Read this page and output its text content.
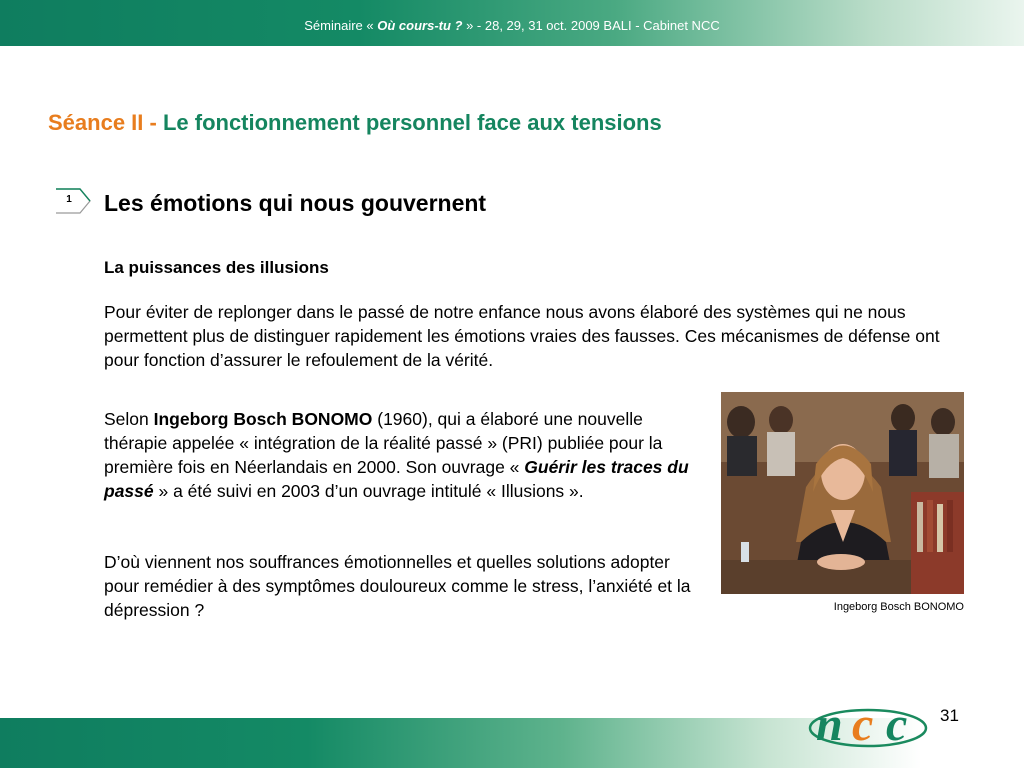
Séminaire « Où cours-tu ? » - 28, 29, 31 oct. 2009 BALI - Cabinet NCC
Séance II - Le fonctionnement personnel face aux tensions
1	Les émotions qui nous gouvernent
La puissances des illusions
Pour éviter de replonger dans le passé de notre enfance nous avons élaboré des systèmes qui ne nous permettent plus de distinguer rapidement les émotions vraies des fausses. Ces mécanismes de défense ont pour fonction d’assurer le refoulement de la vérité.
Selon Ingeborg Bosch BONOMO (1960), qui a élaboré une nouvelle thérapie appelée « intégration de la réalité passé » (PRI) publiée pour la première fois en Néerlandais en 2000. Son ouvrage « Guérir les traces du passé » a été suivi en 2003 d’un ouvrage intitulé « Illusions ».
D’où viennent nos souffrances émotionnelles et quelles solutions adopter pour remédier à des symptômes douloureux comme le stress, l’anxiété et la dépression ?	Ingeborg Bosch BONOMO
n c c 31
